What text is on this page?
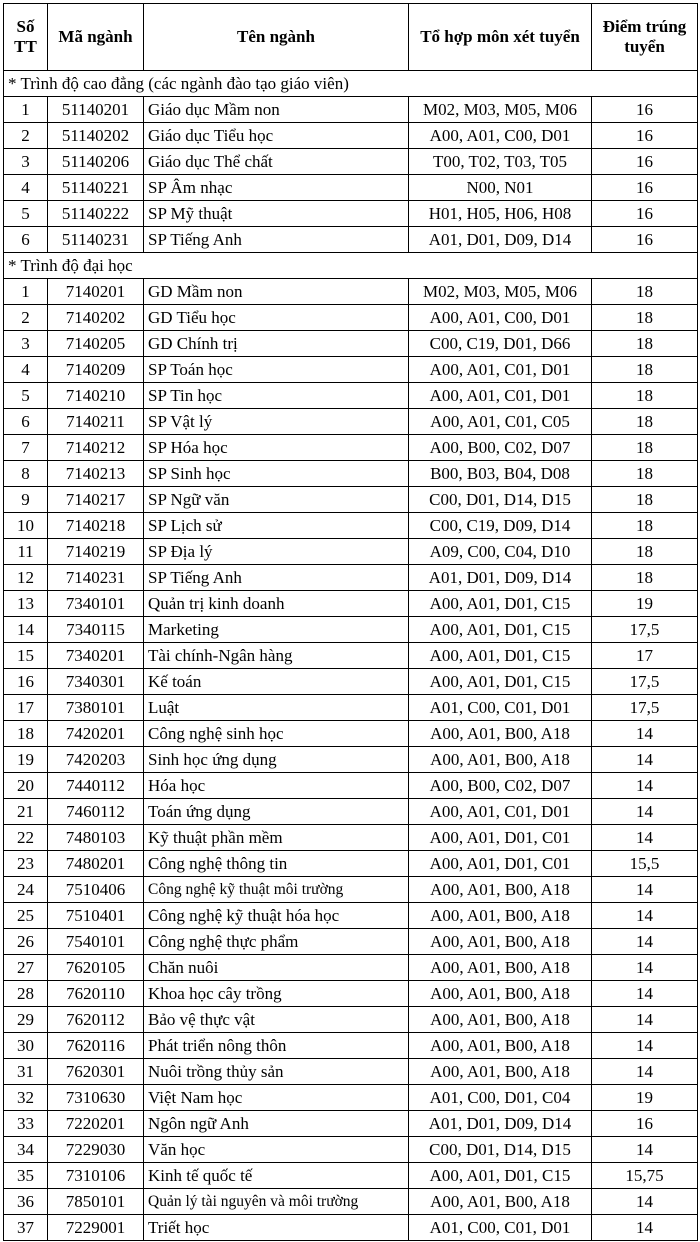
Số TT	Mã ngành	Tên ngành	Tổ hợp môn xét tuyển	Điểm trúng tuyển
* Trình độ cao đẳng (các ngành đào tạo giáo viên)				
1	51140201	Giáo dục Mầm non	M02, M03, M05, M06	16
2	51140202	Giáo dục Tiểu học	A00, A01, C00, D01	16
3	51140206	Giáo dục Thể chất	T00, T02, T03, T05	16
4	51140221	SP Âm nhạc	N00, N01	16
5	51140222	SP Mỹ thuật	H01, H05, H06, H08	16
6	51140231	SP Tiếng Anh	A01, D01, D09, D14	16
* Trình độ đại học				
1	7140201	GD Mầm non	M02, M03, M05, M06	18
2	7140202	GD Tiểu học	A00, A01, C00, D01	18
3	7140205	GD Chính trị	C00, C19, D01, D66	18
4	7140209	SP Toán học	A00, A01, C01, D01	18
5	7140210	SP Tin học	A00, A01, C01, D01	18
6	7140211	SP Vật lý	A00, A01, C01, C05	18
7	7140212	SP Hóa học	A00, B00, C02, D07	18
8	7140213	SP Sinh học	B00, B03, B04, D08	18
9	7140217	SP Ngữ văn	C00, D01, D14, D15	18
10	7140218	SP Lịch sử	C00, C19, D09, D14	18
11	7140219	SP Địa lý	A09, C00, C04, D10	18
12	7140231	SP Tiếng Anh	A01, D01, D09, D14	18
13	7340101	Quản trị kinh doanh	A00, A01, D01, C15	19
14	7340115	Marketing	A00, A01, D01, C15	17,5
15	7340201	Tài chính-Ngân hàng	A00, A01, D01, C15	17
16	7340301	Kế toán	A00, A01, D01, C15	17,5
17	7380101	Luật	A01, C00, C01, D01	17,5
18	7420201	Công nghệ sinh học	A00, A01, B00, A18	14
19	7420203	Sinh học ứng dụng	A00, A01, B00, A18	14
20	7440112	Hóa học	A00, B00, C02, D07	14
21	7460112	Toán ứng dụng	A00, A01, C01, D01	14
22	7480103	Kỹ thuật phần mềm	A00, A01, D01, C01	14
23	7480201	Công nghệ thông tin	A00, A01, D01, C01	15,5
24	7510406	Công nghệ kỹ thuật môi trường	A00, A01, B00, A18	14
25	7510401	Công nghệ kỹ thuật hóa học	A00, A01, B00, A18	14
26	7540101	Công nghệ thực phẩm	A00, A01, B00, A18	14
27	7620105	Chăn nuôi	A00, A01, B00, A18	14
28	7620110	Khoa học cây trồng	A00, A01, B00, A18	14
29	7620112	Bảo vệ thực vật	A00, A01, B00, A18	14
30	7620116	Phát triển nông thôn	A00, A01, B00, A18	14
31	7620301	Nuôi trồng thủy sản	A00, A01, B00, A18	14
32	7310630	Việt Nam học	A01, C00, D01, C04	19
33	7220201	Ngôn ngữ Anh	A01, D01, D09, D14	16
34	7229030	Văn học	C00, D01, D14, D15	14
35	7310106	Kinh tế quốc tế	A00, A01, D01, C15	15,75
36	7850101	Quản lý tài nguyên và môi trường	A00, A01, B00, A18	14
37	7229001	Triết học	A01, C00, C01, D01	14
